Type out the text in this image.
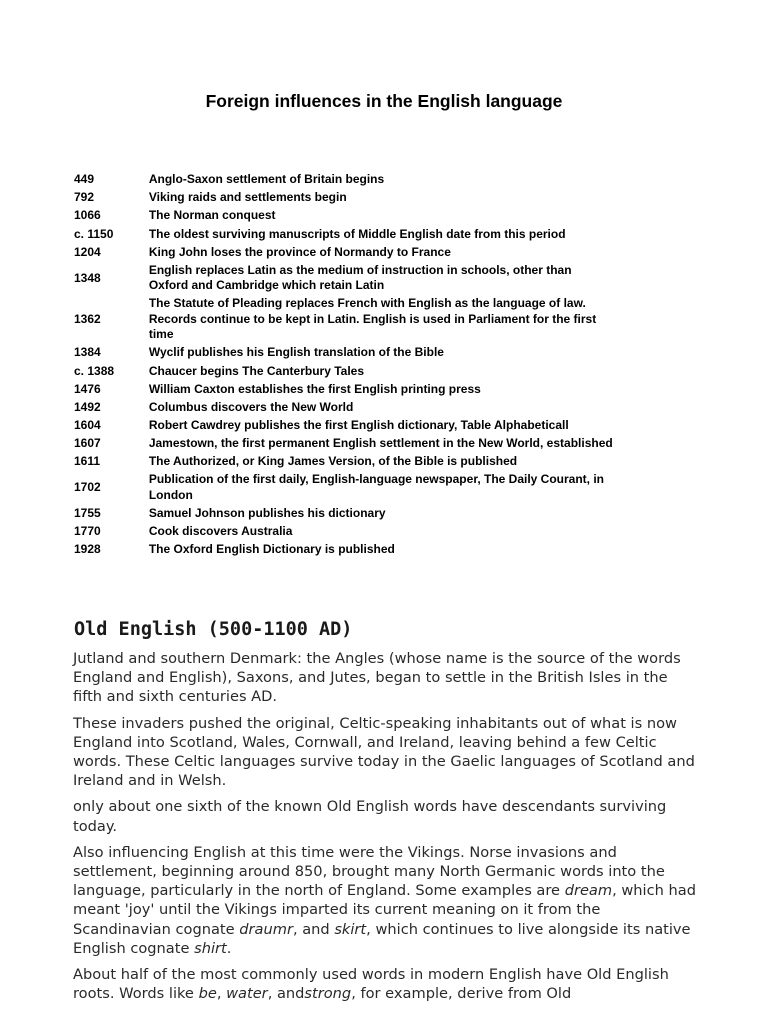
Foreign influences in the English language
449	Anglo-Saxon settlement of Britain begins
792	Viking raids and settlements begin
1066	The Norman conquest
c. 1150	The oldest surviving manuscripts of Middle English date from this period
1204	King John loses the province of Normandy to France
1348	English replaces Latin as the medium of instruction in schools, other than Oxford and Cambridge which retain Latin
1362	The Statute of Pleading replaces French with English as the language of law. Records continue to be kept in Latin. English is used in Parliament for the first time
1384	Wyclif publishes his English translation of the Bible
c. 1388	Chaucer begins The Canterbury Tales
1476	William Caxton establishes the first English printing press
1492	Columbus discovers the New World
1604	Robert Cawdrey publishes the first English dictionary, Table Alphabeticall
1607	Jamestown, the first permanent English settlement in the New World, established
1611	The Authorized, or King James Version, of the Bible is published
1702	Publication of the first daily, English-language newspaper, The Daily Courant, in London
1755	Samuel Johnson publishes his dictionary
1770	Cook discovers Australia
1928	The Oxford English Dictionary is published
Old English (500-1100 AD)

Jutland and southern Denmark: the Angles (whose name is the source of the words England and English), Saxons, and Jutes, began to settle in the British Isles in the fifth and sixth centuries AD.

These invaders pushed the original, Celtic-speaking inhabitants out of what is now England into Scotland, Wales, Cornwall, and Ireland, leaving behind a few Celtic words. These Celtic languages survive today in the Gaelic languages of Scotland and Ireland and in Welsh.

only about one sixth of the known Old English words have descendants surviving today.

Also influencing English at this time were the Vikings. Norse invasions and settlement, beginning around 850, brought many North Germanic words into the language, particularly in the north of England. Some examples are dream, which had meant 'joy' until the Vikings imparted its current meaning on it from the Scandinavian cognate draumr, and skirt, which continues to live alongside its native English cognate shirt.

About half of the most commonly used words in modern English have Old English roots. Words like be, water, andstrong, for example, derive from Old
